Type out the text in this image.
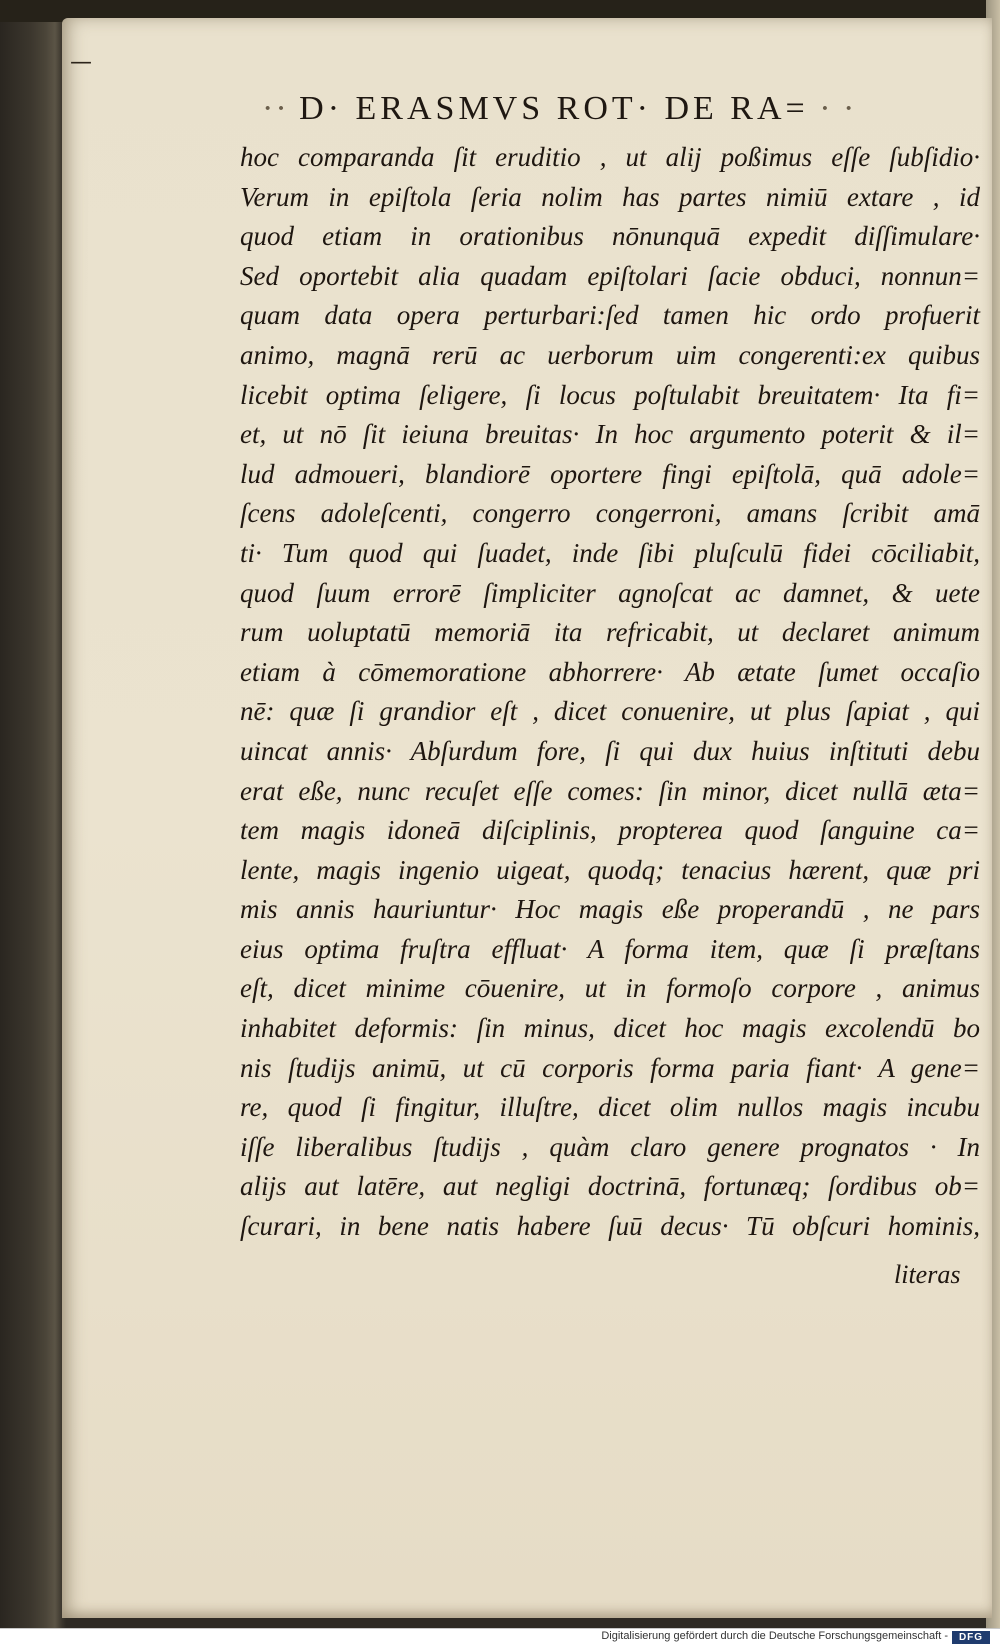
—
·· D· ERASMVS ROT· DE RA= · ·
hoc comparanda ſit eruditio , ut alij poßimus eſſe ſubſidio·
Verum in epiſtola ſeria nolim has partes nimiū extare , id
quod etiam in orationibus nōnunquā expedit diſſimulare·
Sed oportebit alia quadam epiſtolari ſacie obduci, nonnun=
quam data opera perturbari:ſed tamen hic ordo profuerit
animo, magnā rerū ac uerborum uim congerenti:ex quibus
licebit optima ſeligere, ſi locus poſtulabit breuitatem· Ita fi=
et, ut nō ſit ieiuna breuitas· In hoc argumento poterit & il=
lud admoueri, blandiorē oportere fingi epiſtolā, quā adole=
ſcens adoleſcenti, congerro congerroni, amans ſcribit amā
ti· Tum quod qui ſuadet, inde ſibi pluſculū fidei cōciliabit,
quod ſuum errorē ſimpliciter agnoſcat ac damnet, & uete
rum uoluptatū memoriā ita refricabit, ut declaret animum
etiam à cōmemoratione abhorrere· Ab ætate ſumet occaſio
nē: quæ ſi grandior eſt , dicet conuenire, ut plus ſapiat , qui
uincat annis· Abſurdum fore, ſi qui dux huius inſtituti debu
erat eße, nunc recuſet eſſe comes: ſin minor, dicet nullā æta=
tem magis idoneā diſciplinis, propterea quod ſanguine ca=
lente, magis ingenio uigeat, quodq; tenacius hærent, quæ pri
mis annis hauriuntur· Hoc magis eße properandū , ne pars
eius optima fruſtra effluat· A forma item, quæ ſi præſtans
eſt, dicet minime cōuenire, ut in formoſo corpore , animus
inhabitet deformis: ſin minus, dicet hoc magis excolendū bo
nis ſtudijs animū, ut cū corporis forma paria fiant· A gene=
re, quod ſi fingitur, illuſtre, dicet olim nullos magis incubu
iſſe liberalibus ſtudijs , quàm claro genere prognatos · In
alijs aut latēre, aut negligi doctrinā, fortunæq; ſordibus ob=
ſcurari, in bene natis habere ſuū decus· Tū obſcuri hominis,
literas
Digitalisierung gefördert durch die Deutsche Forschungsgemeinschaft -	DFG
